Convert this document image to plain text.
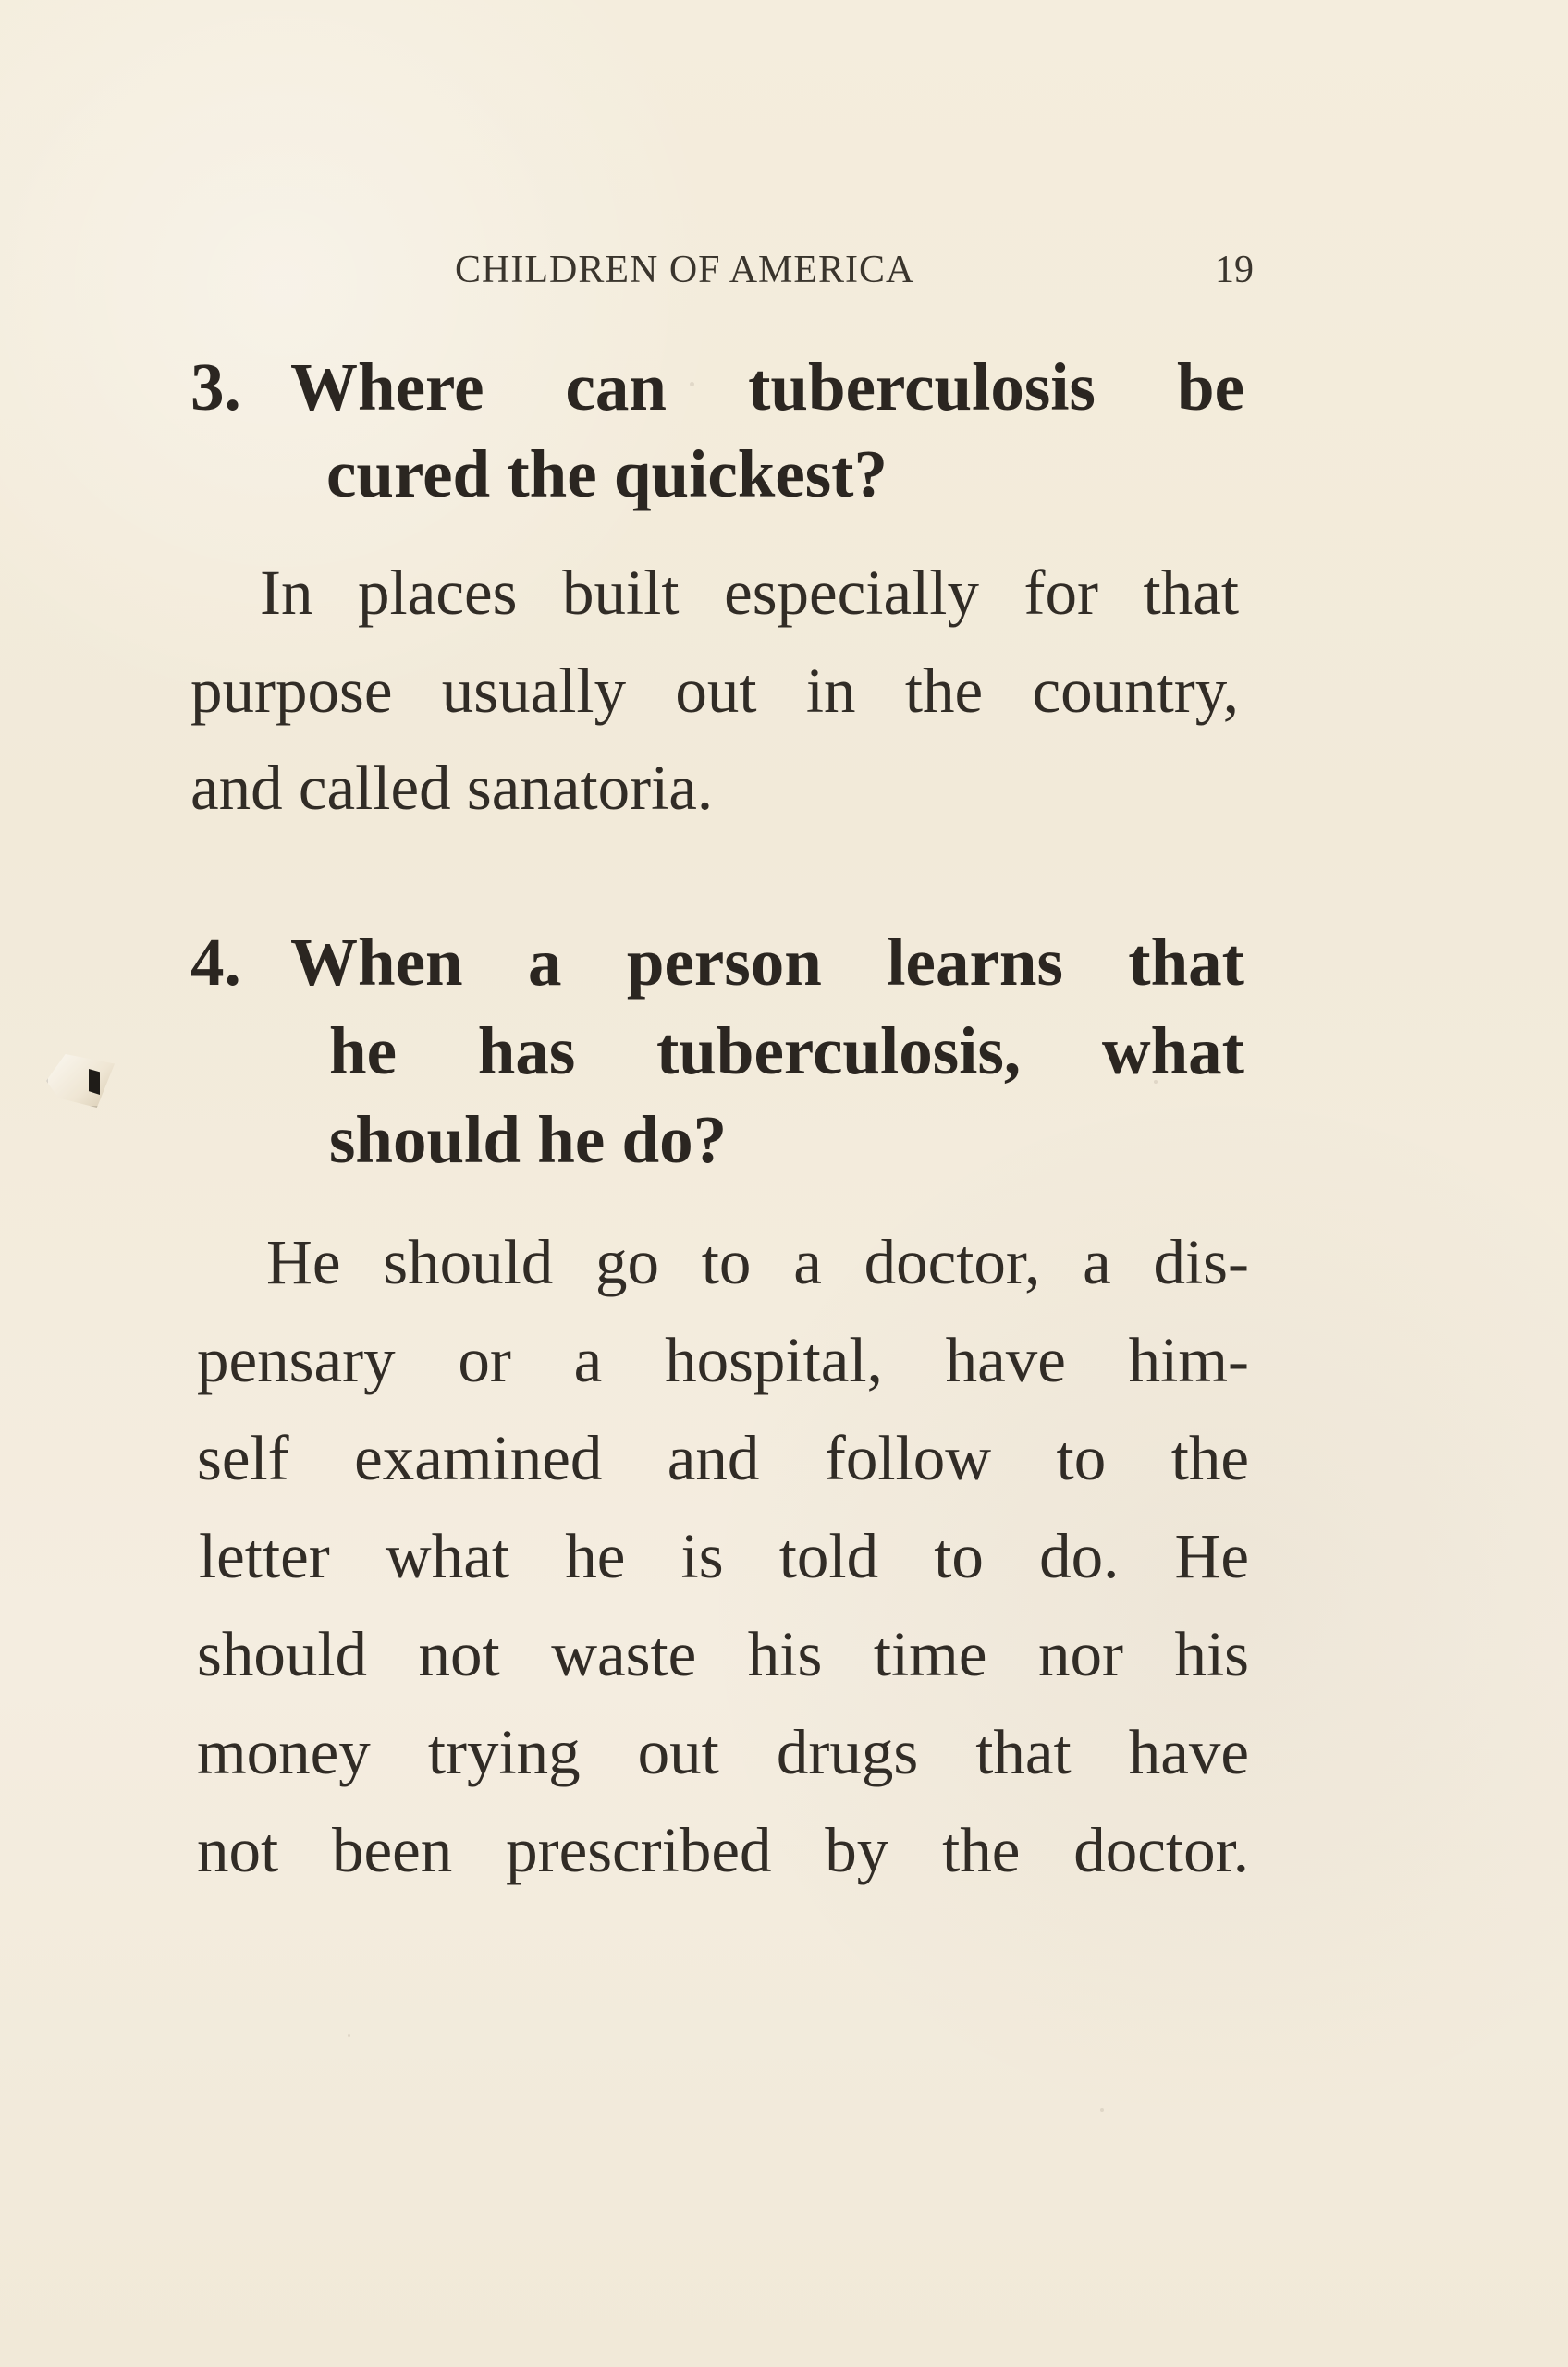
CHILDREN OF AMERICA	19
3. Where can tuberculosis be
cured the quickest?
In places built especially for that
purpose usually out in the country,
and called sanatoria.
4. When a person learns that
he has tuberculosis, what
should he do?
He should go to a doctor, a dis-
pensary or a hospital, have him-
self examined and follow to the
letter what he is told to do. He
should not waste his time nor his
money trying out drugs that have
not been prescribed by the doctor.
